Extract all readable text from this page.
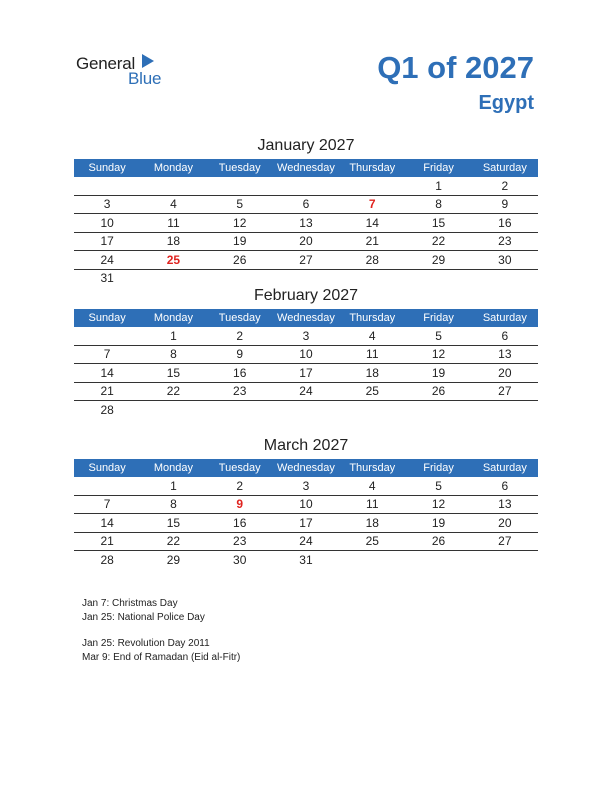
General
Blue	Q1 of 2027
Egypt
January 2027
Sunday	Monday	Tuesday	Wednesday	Thursday	Friday	Saturday
					1	2
3	4	5	6	7	8	9
10	11	12	13	14	15	16
17	18	19	20	21	22	23
24	25	26	27	28	29	30
31						
February 2027
Sunday	Monday	Tuesday	Wednesday	Thursday	Friday	Saturday
	1	2	3	4	5	6
7	8	9	10	11	12	13
14	15	16	17	18	19	20
21	22	23	24	25	26	27
28						
March 2027
Sunday	Monday	Tuesday	Wednesday	Thursday	Friday	Saturday
	1	2	3	4	5	6
7	8	9	10	11	12	13
14	15	16	17	18	19	20
21	22	23	24	25	26	27
28	29	30	31			
Jan 7: Christmas Day
Jan 25: National Police Day
Jan 25: Revolution Day 2011
Mar 9: End of Ramadan (Eid al-Fitr)
